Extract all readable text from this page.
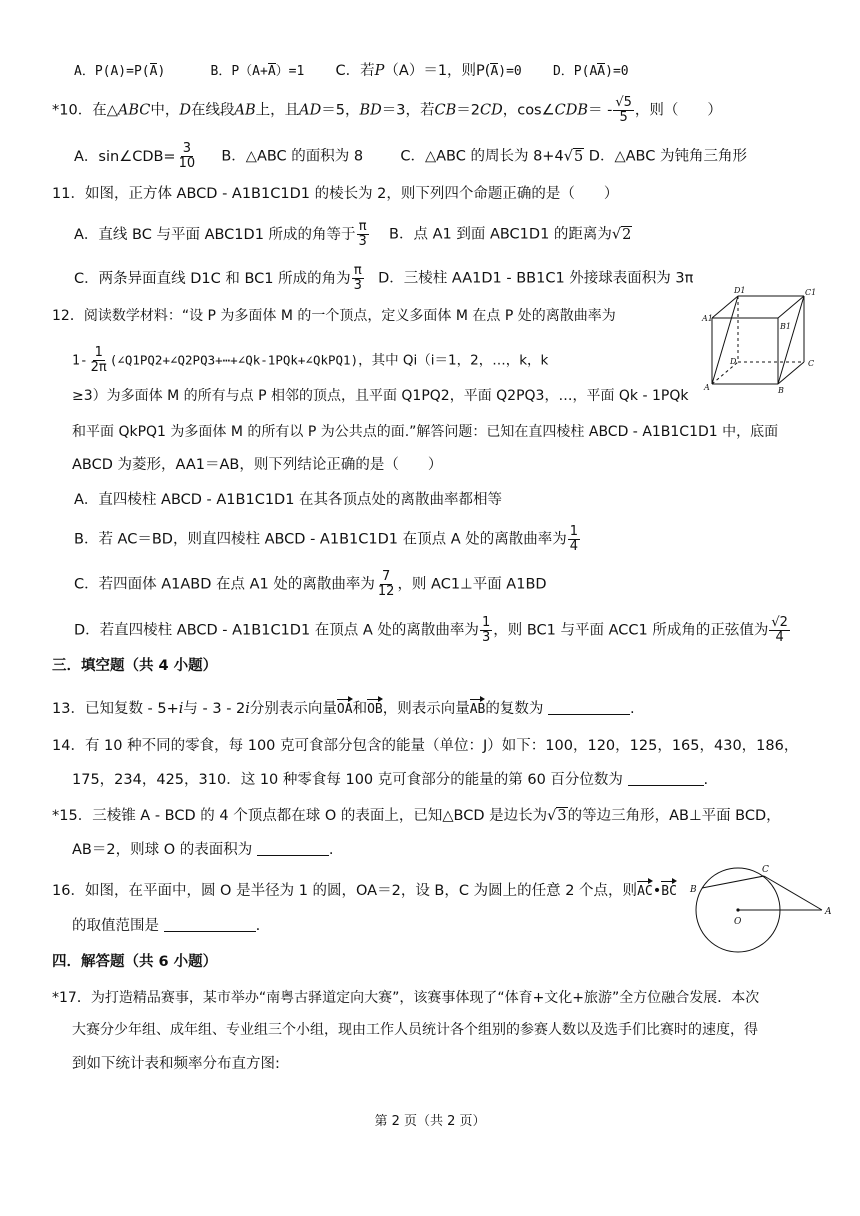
A．P(A)=P(A)	B．P（A+A）=1 C．若P（A）＝1，则P(A)=0 D．P(AA)=0
*10．在△ABC中，D在线段AB上，且AD＝5，BD＝3，若CB＝2CD，cos∠CDB＝ - $\frac{√5}{5}$ ，则（　　）
A．sin∠CDB= $\frac{3}{10}$ B．△ABC 的面积为 8	C．△ABC 的周长为 8+4√5 D．△ABC 为钝角三角形
11．如图，正方体 ABCD - A1B1C1D1 的棱长为 2，则下列四个命题正确的是（　　）
A．直线 BC 与平面 ABC1D1 所成的角等于 $\frac{\pi}{3}$ B．点 A1 到面 ABC1D1 的距离为√2
C．两条异面直线 D1C 和 BC1 所成的角为 $\frac{\pi}{3}$ D．三棱柱 AA1D1 - BB1C1 外接球表面积为 3π
12．阅读数学材料：“设 P 为多面体 M 的一个顶点，定义多面体 M 在点 P 处的离散曲率为
$1- \frac{1}{2\pi}$ (∠Q1PQ2+∠Q2PQ3+⋯+∠Qk-1PQk+∠QkPQ1)，其中 Qi（i＝1，2，…，k，k
≥3）为多面体 M 的所有与点 P 相邻的顶点，且平面 Q1PQ2，平面 Q2PQ3，…，平面 Qk - 1PQk
和平面 QkPQ1 为多面体 M 的所有以 P 为公共点的面.”解答问题：已知在直四棱柱 ABCD - A1B1C1D1 中，底面
ABCD 为菱形，AA1＝AB，则下列结论正确的是（　　）
A．直四棱柱 ABCD - A1B1C1D1 在其各顶点处的离散曲率都相等
B．若 AC＝BD，则直四棱柱 ABCD - A1B1C1D1 在顶点 A 处的离散曲率为 $\frac{1}{4}$
C．若四面体 A1ABD 在点 A1 处的离散曲率为 $\frac{7}{12}$ ，则 AC1⊥平面 A1BD
D．若直四棱柱 ABCD - A1B1C1D1 在顶点 A 处的离散曲率为 $\frac{1}{3}$ ，则 BC1 与平面 ACC1 所成角的正弦值为 $\frac{√2}{4}$
D1	C1
A1
B1
D	C
A	B
三．填空题（共 4 小题）
13．已知复数 - 5+i与 - 3 - 2i分别表示向量OA和OB，则表示向量AB的复数为	.
14．有 10 种不同的零食，每 100 克可食部分包含的能量（单位：J）如下：100，120，125，165，430，186，
175，234，425，310．这 10 种零食每 100 克可食部分的能量的第 60 百分位数为	.
*15．三棱锥 A - BCD 的 4 个顶点都在球 O 的表面上，已知△BCD 是边长为√3的等边三角形，AB⊥平面 BCD，
AB＝2，则球 O 的表面积为	.
16．如图，在平面中，圆 O 是半径为 1 的圆，OA＝2，设 B，C 为圆上的任意 2 个点，则AC•BC
的取值范围是	.
C
B
O
A
四．解答题（共 6 小题）
*17．为打造精品赛事，某市举办“南粤古驿道定向大赛”，该赛事体现了“体育+文化+旅游”全方位融合发展．本次
大赛分少年组、成年组、专业组三个小组，现由工作人员统计各个组别的参赛人数以及选手们比赛时的速度，得
到如下统计表和频率分布直方图:
第 2 页（共 2 页）
